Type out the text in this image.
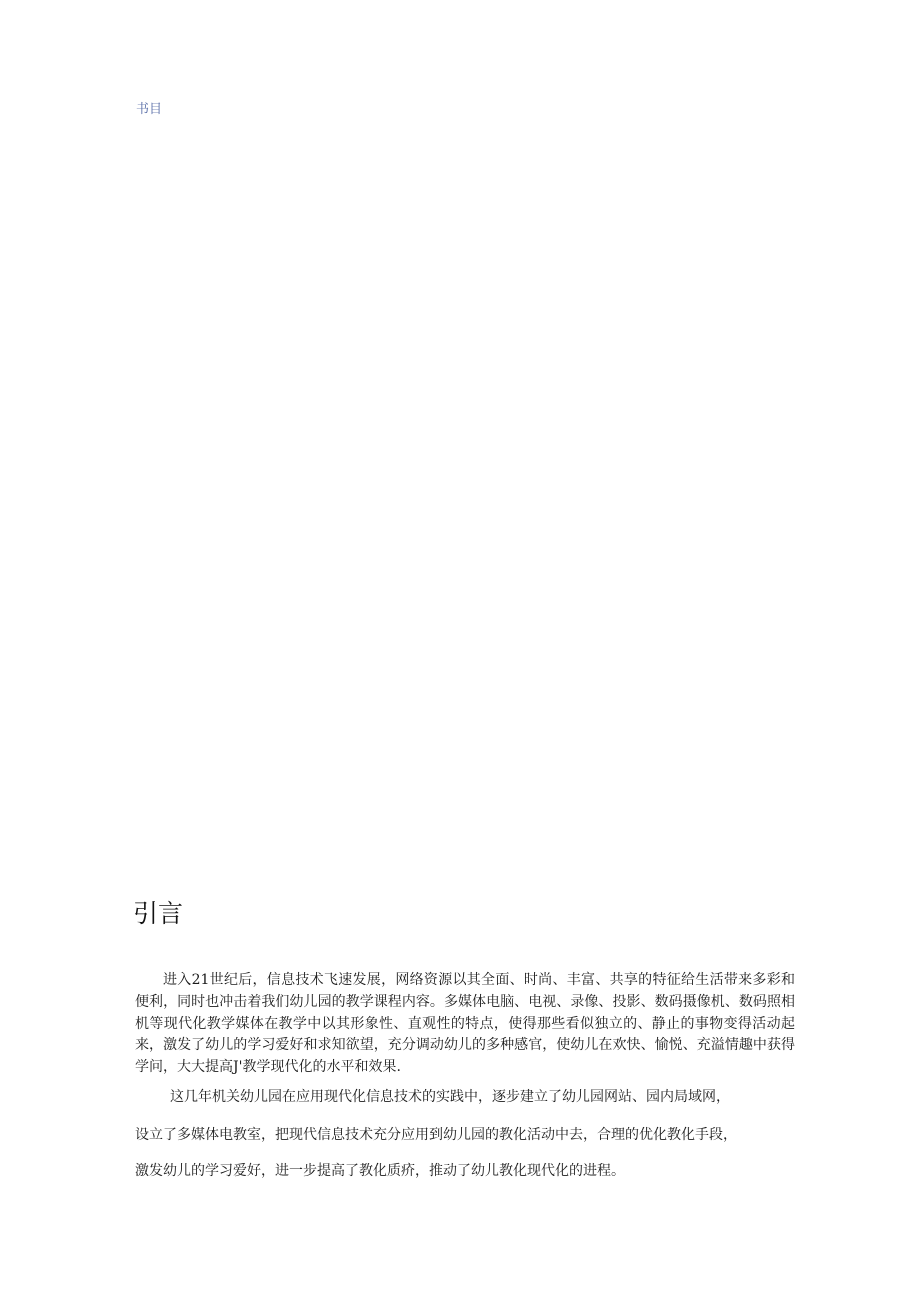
书目
引言

进入21世纪后，信息技术飞速发展，网络资源以其全面、时尚、丰富、共享的特征给生活带来多彩和便利，同时也冲击着我们幼儿园的教学课程内容。多媒体电脑、电视、录像、投影、数码摄像机、数码照相机等现代化教学媒体在教学中以其形象性、直观性的特点，使得那些看似独立的、静止的事物变得活动起来，激发了幼儿的学习爱好和求知欲望，充分调动幼儿的多种感官，使幼儿在欢快、愉悦、充溢情趣中获得学问，大大提高J'教学现代化的水平和效果.

这几年机关幼儿园在应用现代化信息技术的实践中，逐步建立了幼儿园网站、园内局域网，

设立了多媒体电教室，把现代信息技术充分应用到幼儿园的教化活动中去，合理的优化教化手段，

激发幼儿的学习爱好，进一步提高了教化质疥，推动了幼儿教化现代化的进程。
